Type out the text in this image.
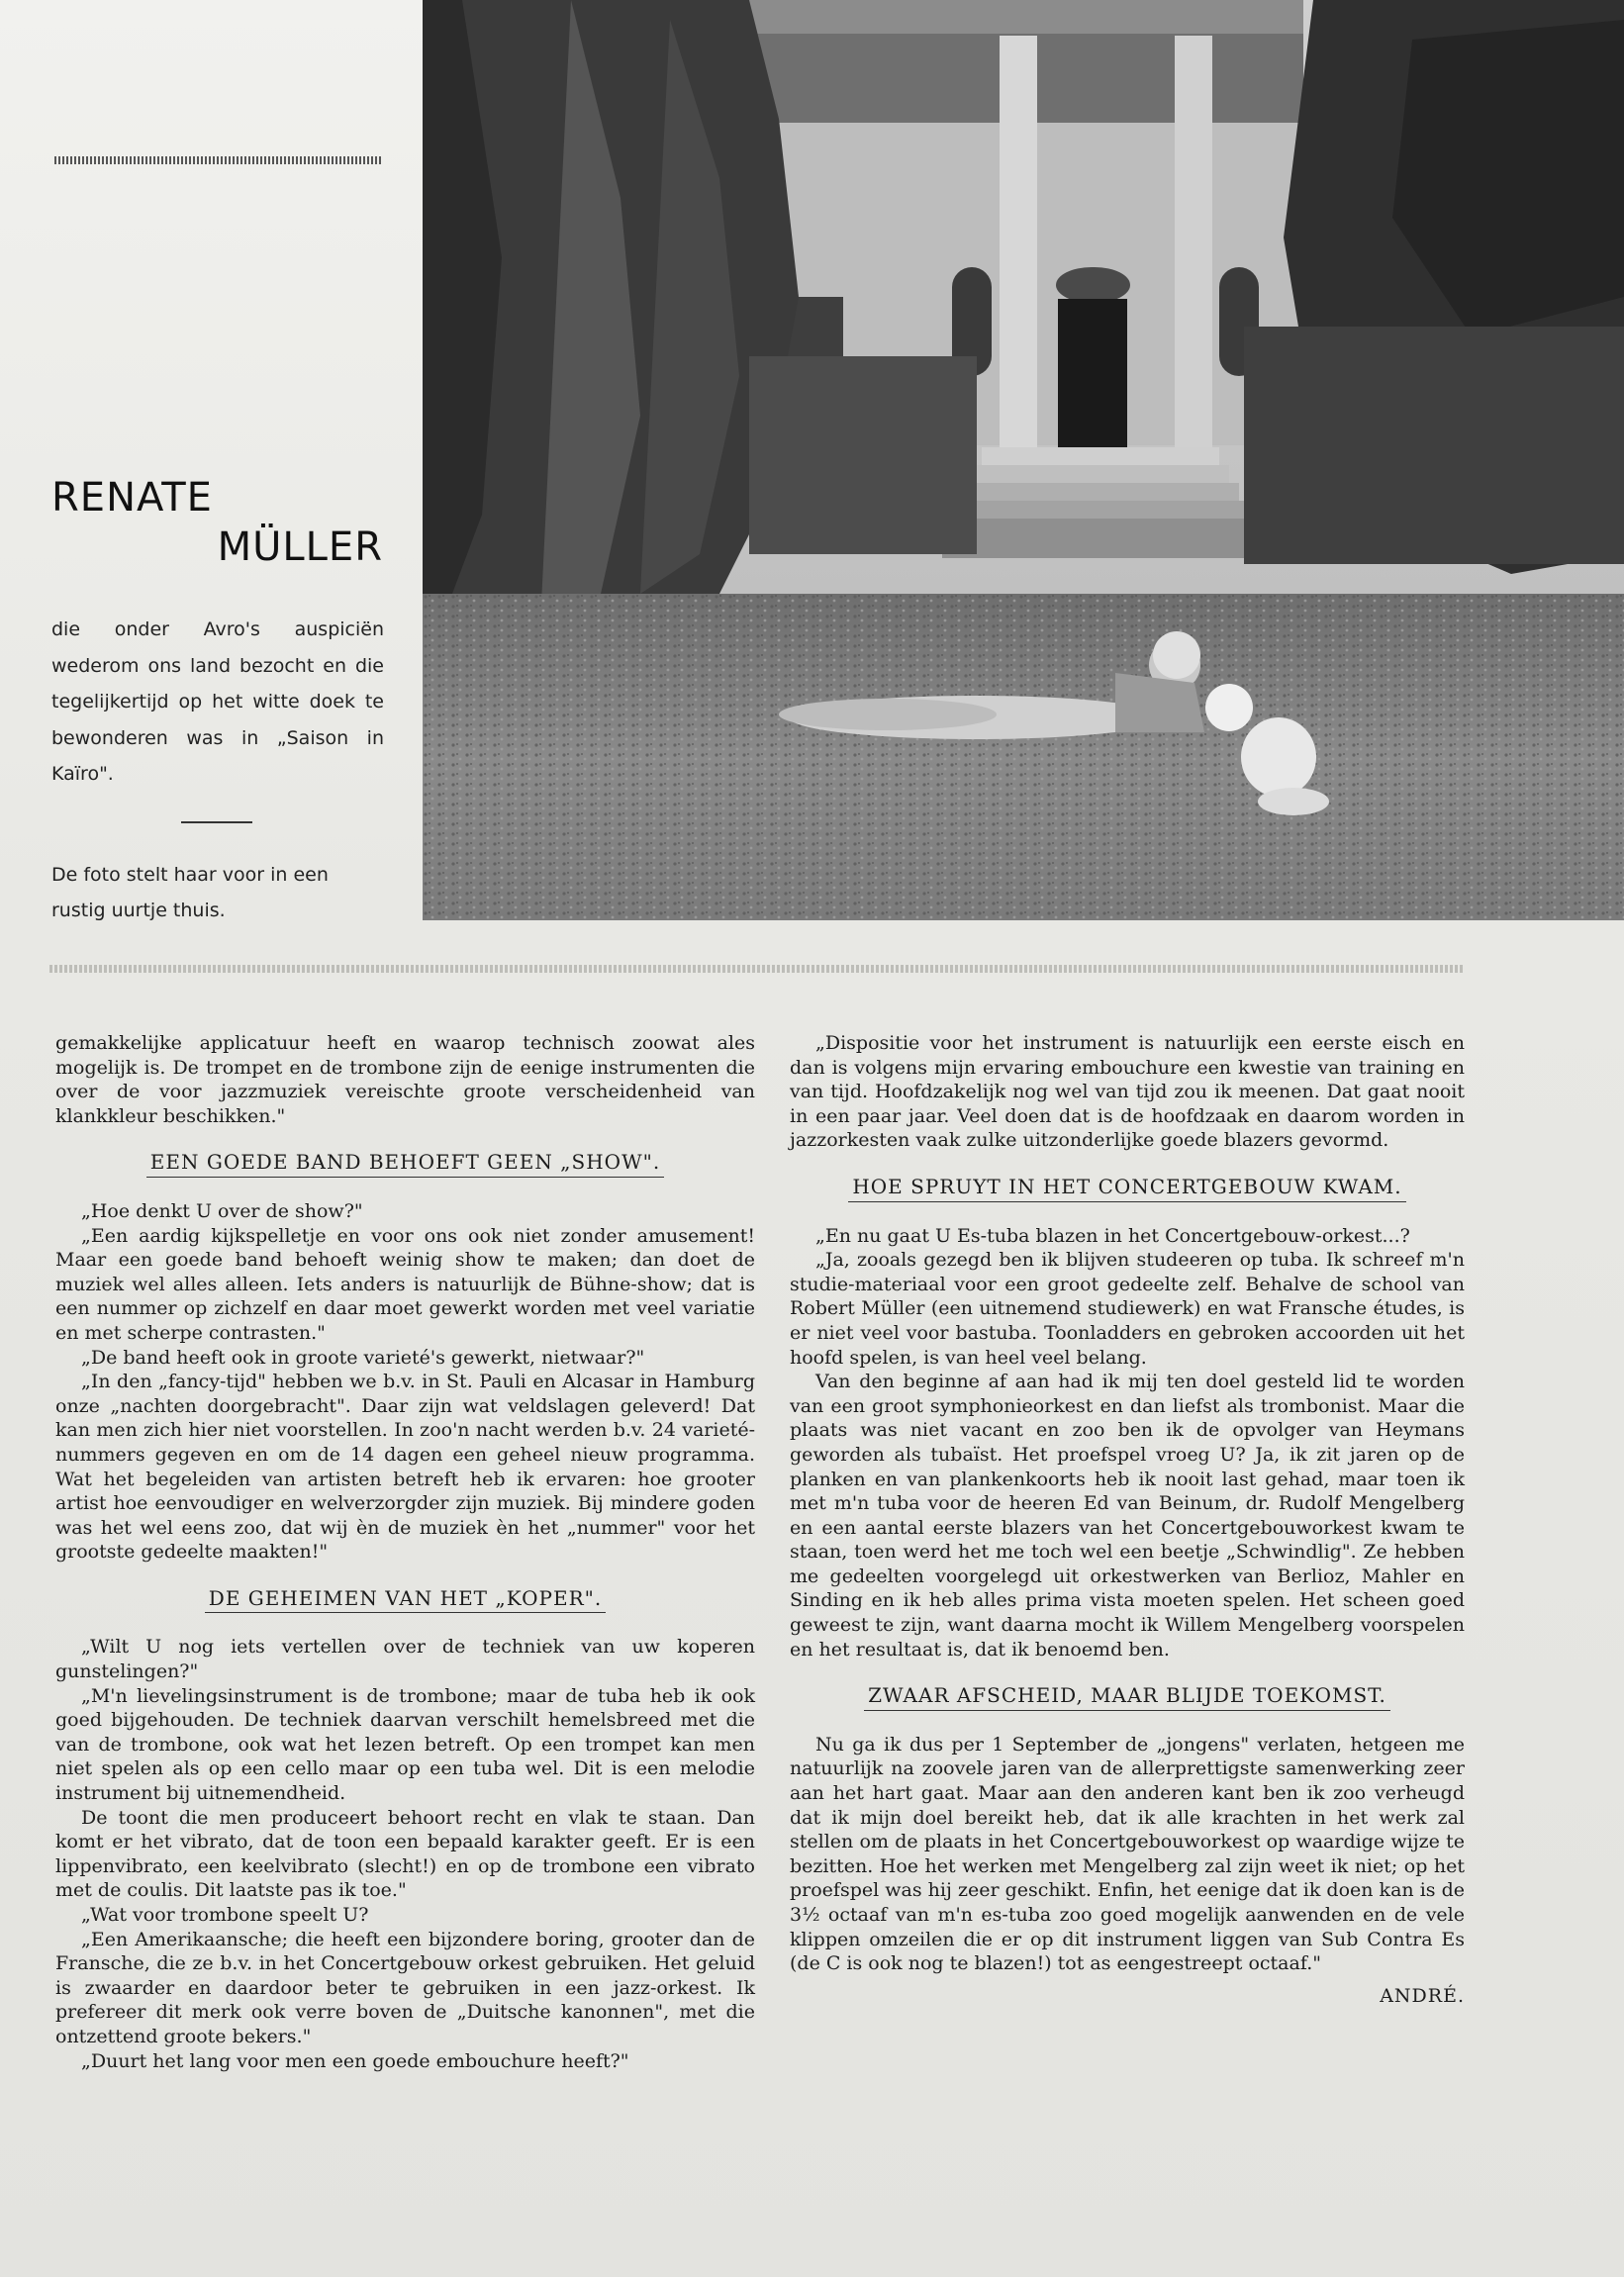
RENATE
MÜLLER
die onder Avro's auspiciën wederom ons land bezocht en die tegelijkertijd op het witte doek te bewonderen was in „Saison in Kaïro".
De foto stelt haar voor in een rustig uurtje thuis.

gemakkelijke applicatuur heeft en waarop technisch zoowat ales mogelijk is. De trompet en de trombone zijn de eenige instrumenten die over de voor jazzmuziek vereischte groote verscheidenheid van klankkleur beschikken."

EEN GOEDE BAND BEHOEFT GEEN „SHOW".

„Hoe denkt U over de show?"

„Een aardig kijkspelletje en voor ons ook niet zonder amusement! Maar een goede band behoeft weinig show te maken; dan doet de muziek wel alles alleen. Iets anders is natuurlijk de Bühne-show; dat is een nummer op zichzelf en daar moet gewerkt worden met veel variatie en met scherpe contrasten."

„De band heeft ook in groote varieté's gewerkt, nietwaar?"

„In den „fancy-tijd" hebben we b.v. in St. Pauli en Alcasar in Hamburg onze „nachten doorgebracht". Daar zijn wat veldslagen geleverd! Dat kan men zich hier niet voorstellen. In zoo'n nacht werden b.v. 24 varieté-nummers gegeven en om de 14 dagen een geheel nieuw programma. Wat het begeleiden van artisten betreft heb ik ervaren: hoe grooter artist hoe eenvoudiger en welverzorgder zijn muziek. Bij mindere goden was het wel eens zoo, dat wij èn de muziek èn het „nummer" voor het grootste gedeelte maakten!"

DE GEHEIMEN VAN HET „KOPER".

„Wilt U nog iets vertellen over de techniek van uw koperen gunstelingen?"

„M'n lievelingsinstrument is de trombone; maar de tuba heb ik ook goed bijgehouden. De techniek daarvan verschilt hemelsbreed met die van de trombone, ook wat het lezen betreft. Op een trompet kan men niet spelen als op een cello maar op een tuba wel. Dit is een melodie instrument bij uitnemendheid.

De toont die men produceert behoort recht en vlak te staan. Dan komt er het vibrato, dat de toon een bepaald karakter geeft. Er is een lippenvibrato, een keelvibrato (slecht!) en op de trombone een vibrato met de coulis. Dit laatste pas ik toe."

„Wat voor trombone speelt U?

„Een Amerikaansche; die heeft een bijzondere boring, grooter dan de Fransche, die ze b.v. in het Concertgebouw orkest gebruiken. Het geluid is zwaarder en daardoor beter te gebruiken in een jazz-orkest. Ik prefereer dit merk ook verre boven de „Duitsche kanonnen", met die ontzettend groote bekers."

„Duurt het lang voor men een goede embouchure heeft?"

„Dispositie voor het instrument is natuurlijk een eerste eisch en dan is volgens mijn ervaring embouchure een kwestie van training en van tijd. Hoofdzakelijk nog wel van tijd zou ik meenen. Dat gaat nooit in een paar jaar. Veel doen dat is de hoofdzaak en daarom worden in jazzorkesten vaak zulke uitzonderlijke goede blazers gevormd.

HOE SPRUYT IN HET CONCERTGEBOUW KWAM.

„En nu gaat U Es-tuba blazen in het Concertgebouw-orkest...?

„Ja, zooals gezegd ben ik blijven studeeren op tuba. Ik schreef m'n studie-materiaal voor een groot gedeelte zelf. Behalve de school van Robert Müller (een uitnemend studiewerk) en wat Fransche études, is er niet veel voor bastuba. Toonladders en gebroken accoorden uit het hoofd spelen, is van heel veel belang.

Van den beginne af aan had ik mij ten doel gesteld lid te worden van een groot symphonieorkest en dan liefst als trombonist. Maar die plaats was niet vacant en zoo ben ik de opvolger van Heymans geworden als tubaïst. Het proefspel vroeg U? Ja, ik zit jaren op de planken en van plankenkoorts heb ik nooit last gehad, maar toen ik met m'n tuba voor de heeren Ed van Beinum, dr. Rudolf Mengelberg en een aantal eerste blazers van het Concertgebouworkest kwam te staan, toen werd het me toch wel een beetje „Schwindlig". Ze hebben me gedeelten voorgelegd uit orkestwerken van Berlioz, Mahler en Sinding en ik heb alles prima vista moeten spelen. Het scheen goed geweest te zijn, want daarna mocht ik Willem Mengelberg voorspelen en het resultaat is, dat ik benoemd ben.

ZWAAR AFSCHEID, MAAR BLIJDE TOEKOMST.

Nu ga ik dus per 1 September de „jongens" verlaten, hetgeen me natuurlijk na zoovele jaren van de allerprettigste samenwerking zeer aan het hart gaat. Maar aan den anderen kant ben ik zoo verheugd dat ik mijn doel bereikt heb, dat ik alle krachten in het werk zal stellen om de plaats in het Concertgebouworkest op waardige wijze te bezitten. Hoe het werken met Mengelberg zal zijn weet ik niet; op het proefspel was hij zeer geschikt. Enfin, het eenige dat ik doen kan is de 3½ octaaf van m'n es-tuba zoo goed mogelijk aanwenden en de vele klippen omzeilen die er op dit instrument liggen van Sub Contra Es (de C is ook nog te blazen!) tot as eengestreept octaaf."

ANDRÉ.
